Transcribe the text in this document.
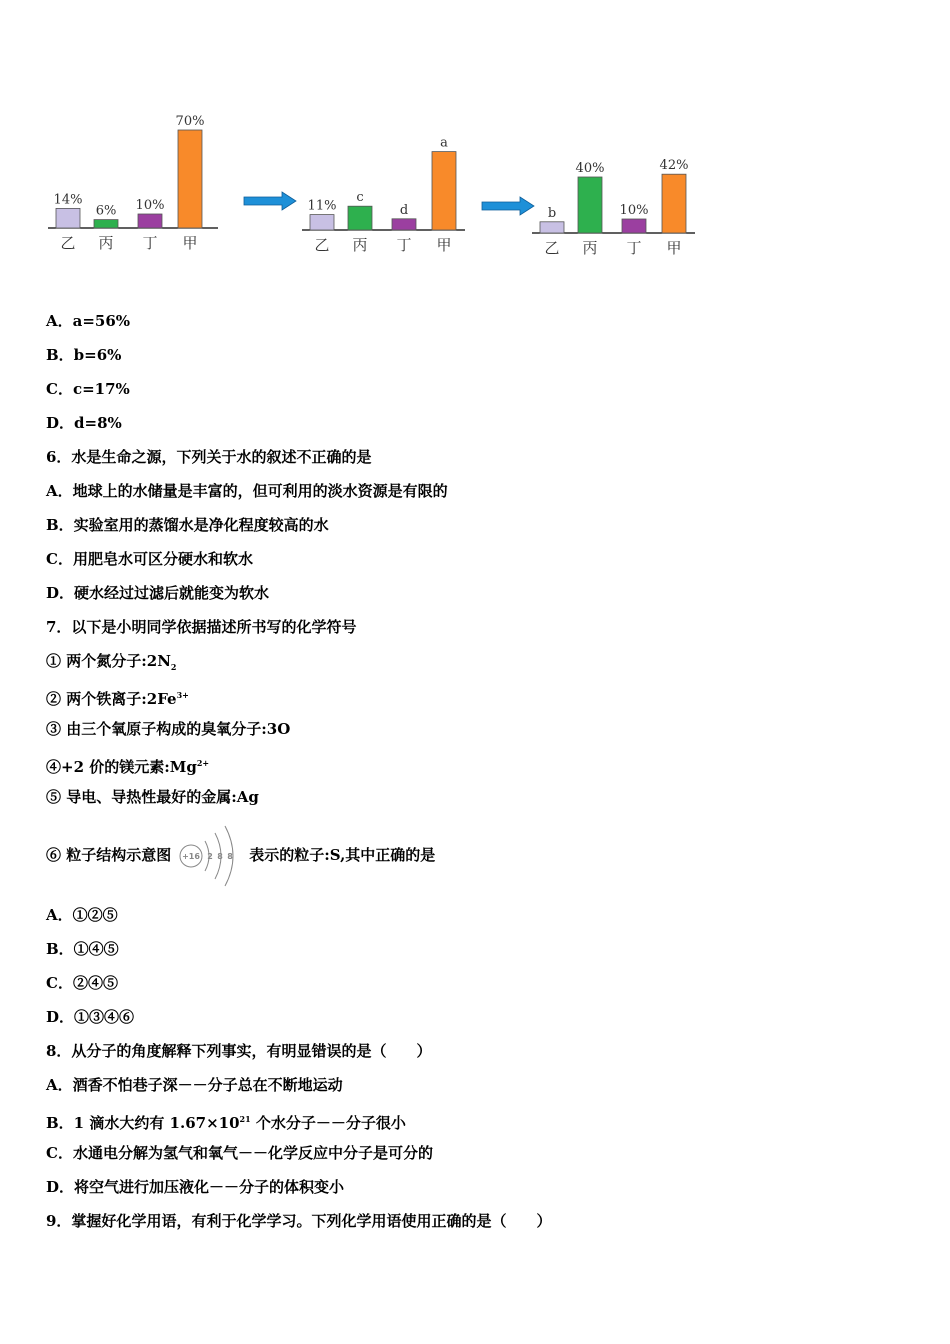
14%
乙
6%
丙
10%
丁
70%
甲
11%
乙
c
丙
d
丁
a
甲
b
乙
40%
丙
10%
丁
42%
甲
A．a=56%
B．b=6%
C．c=17%
D．d=8%
6．水是生命之源，下列关于水的叙述不正确的是
A．地球上的水储量是丰富的，但可利用的淡水资源是有限的
B．实验室用的蒸馏水是净化程度较高的水
C．用肥皂水可区分硬水和软水
D．硬水经过过滤后就能变为软水
7．以下是小明同学依据描述所书写的化学符号
① 两个氮分子$:2N_2$
② 两个铁离子$:2Fe^{3+}$
③ 由三个氧原子构成的臭氧分子:3O
④+2 价的镁元素$:Mg^{2+}$
⑤ 导电、导热性最好的金属:Ag
⑥ 粒子结构示意图 +16 2 8 8 表示的粒子:S,其中正确的是
A．①②⑤
B．①④⑤
C．②④⑤
D．①③④⑥
8．从分子的角度解释下列事实，有明显错误的是（　　）
A．酒香不怕巷子深－－分子总在不断地运动
B．1 滴水大约有 $1.67\times 10^{21}$ 个水分子－－分子很小
C．水通电分解为氢气和氧气－－化学反应中分子是可分的
D．将空气进行加压液化－－分子的体积变小
9．掌握好化学用语，有利于化学学习。下列化学用语使用正确的是（　　）
